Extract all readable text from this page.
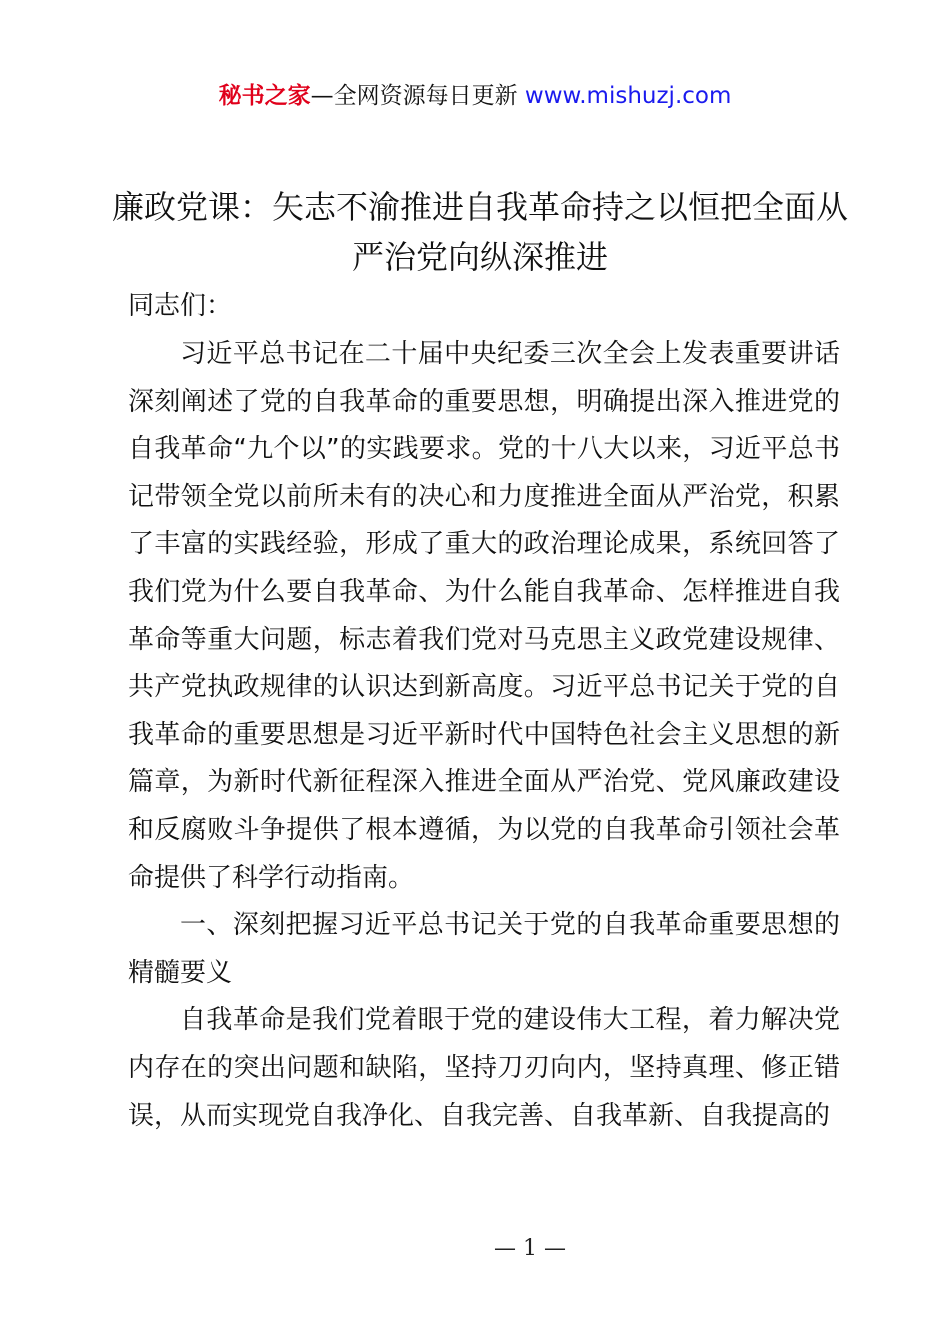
秘书之家—全网资源每日更新 www.mishuzj.com
廉政党课：矢志不渝推进自我革命持之以恒把全面从严治党向纵深推进
同志们：

习近平总书记在二十届中央纪委三次全会上发表重要讲话深刻阐述了党的自我革命的重要思想，明确提出深入推进党的自我革命“九个以”的实践要求。党的十八大以来，习近平总书记带领全党以前所未有的决心和力度推进全面从严治党，积累了丰富的实践经验，形成了重大的政治理论成果，系统回答了我们党为什么要自我革命、为什么能自我革命、怎样推进自我革命等重大问题，标志着我们党对马克思主义政党建设规律、共产党执政规律的认识达到新高度。习近平总书记关于党的自我革命的重要思想是习近平新时代中国特色社会主义思想的新篇章，为新时代新征程深入推进全面从严治党、党风廉政建设和反腐败斗争提供了根本遵循，为以党的自我革命引领社会革命提供了科学行动指南。

一、深刻把握习近平总书记关于党的自我革命重要思想的精髓要义

自我革命是我们党着眼于党的建设伟大工程，着力解决党内存在的突出问题和缺陷，坚持刀刃向内，坚持真理、修正错误，从而实现党自我净化、自我完善、自我革新、自我提高的

— 1 —
